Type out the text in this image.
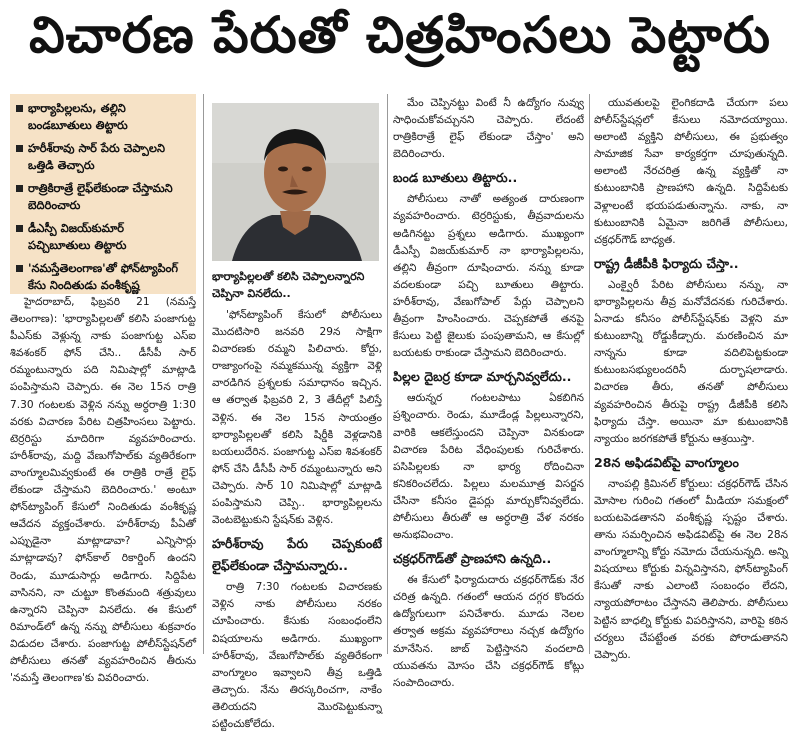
విచారణ పేరుతో చిత్రహింసలు పెట్టారు
భార్యాపిల్లలను, తల్లిని బండబూతులు తిట్టారు
హరీశ్‌రావు సార్ పేరు చెప్పాలని ఒత్తిడి తెచ్చారు
రాత్రికిరాత్రే లైఫ్‌లేకుండా చేస్తామని బెదిరించారు
డీఎస్పీ విజయ్‌కుమార్ పచ్చిబూతులు తిట్టారు
'నమస్తేతెలంగాణ'తో ఫోన్‌ట్యాపింగ్ కేసు నిందితుడు వంశీకృష్ణ
భార్యాపిల్లలతో కలిసి చెప్పాలన్నారని చెప్పినా వినలేదు..

హైదరాబాద్, ఫిబ్రవరి 21 (నమస్తే తెలంగాణ): 'భార్యాపిల్లలతో కలిసి పంజాగుట్ట పీఎస్‌కు వెళ్లున్న నాకు పంజాగుట్ట ఎస్ఐ శివశంకర్ ఫోన్ చేసి.. డీసీపీ సార్ రమ్మంటున్నారు పది నిమిషాల్లో మాట్లాడి పంపిస్తామని చెప్పారు. ఈ నెల 15న రాత్రి 7.30 గంటలకు వెళ్లిన నన్ను అర్ధరాత్రి 1:30 వరకు విచారణ పేరిట చిత్రహింసలు పెట్టారు. టెర్రరిస్టు మాదిరిగా వ్యవహరించారు. హరీశ్‌రావు, మద్ది వేణుగోపాల్‌కు వ్యతిరేకంగా వాంగ్మూలమివ్వకుంటే ఈ రాత్రికి రాత్రే లైఫ్ లేకుండా చేస్తామని బెదిరించారు.' అంటూ ఫోన్‌ట్యాపింగ్ కేసులో నిందితుడు వంశీకృష్ణ ఆవేదన వ్యక్తంచేశారు. హరీశ్‌రావు పీఏతో ఎప్పుడైనా మాట్లాడావా? ఎన్నిసార్లు మాట్లాడావు? ఫోన్‌కాల్ రికార్డింగ్ ఉందని రెండు, మూడుసార్లు అడిగారు. సిద్దిపేట వాసినని, నా చుట్టూ కొంతమంది శత్రువులు ఉన్నారని చెప్పినా వినలేదు. ఈ కేసులో రిమాండ్‌లో ఉన్న నన్ను పోలీసులు శుక్రవారం విడుదల చేశారు. పంజాగుట్ట పోలీస్‌స్టేషన్‌లో పోలీసులు తనతో వ్యవహరించిన తీరును 'నమస్తే తెలంగాణ'కు వివరించారు.

'ఫోన్‌ట్యాపింగ్ కేసులో పోలీసులు మొదటిసారి జనవరి 29న సాక్షిగా విచారణకు రమ్మని పిలిచారు. కోర్టు, రాజ్యాంగంపై నమ్మకమున్న వ్యక్తిగా వెళ్లి వారడిగిన ప్రశ్నలకు సమాధానం ఇచ్చిన. ఆ తర్వాత ఫిబ్రవరి 2, 3 తేదీల్లో పిలిస్తే వెళ్లిన. ఈ నెల 15న సాయంత్రం భార్యాపిల్లలతో కలిసి షిర్డీకి వెళ్లడానికి బయలుదేరిన. పంజాగుట్ట ఎస్ఐ శివశంకర్ ఫోన్ చేసి డీసీపీ సార్ రమ్మంటున్నారు అని చెప్పారు. సార్ 10 నిమిషాల్లో మాట్లాడి పంపిస్తామని చెప్పి.. భార్యాపిల్లలను వెంటబెట్టుకుని స్టేషన్‌కు వెళ్లిన.

హరీశ్‌రావు పేరు చెప్పకుంటే లైఫ్‌లేకుండా చేస్తామన్నారు..

రాత్రి 7:30 గంటలకు విచారణకు వెళ్లిన నాకు పోలీసులు నరకం చూపించారు. కేసుకు సంబంధంలేని విషయాలను అడిగారు. ముఖ్యంగా హరీశ్‌రావు, వేణుగోపాల్‌కు వ్యతిరేకంగా వాంగ్మూలం ఇవ్వాలని తీవ్ర ఒత్తిడి తెచ్చారు. నేను తిరస్కరించగా, నాకేం తెలియదని మొరపెట్టుకున్నా పట్టించుకోలేదు.

మేం చెప్పినట్టు వింటే నీ ఉద్యోగం నువ్వు సాధించుకోవచ్చునని చెప్పారు. లేదంటే రాత్రికిరాత్రే లైఫ్ లేకుండా చేస్తాం' అని బెదిరించారు.

బండ బూతులు తిట్టారు..

పోలీసులు నాతో అత్యంత దారుణంగా వ్యవహరించారు. టెర్రరిస్టుకు, తీవ్రవాదులను అడిగినట్టు ప్రశ్నలు అడిగారు. ముఖ్యంగా డీఎస్పీ విజయ్‌కుమార్ నా భార్యాపిల్లలను, తల్లిని తీవ్రంగా దూషించారు. నన్ను కూడా వదలకుండా పచ్చి బూతులు తిట్టారు. హరీశ్‌రావు, వేణుగోపాల్ పేర్లు చెప్పాలని తీవ్రంగా హింసించారు. చెప్పకపోతే తనపై కేసులు పెట్టి జైలుకు పంపుతామని, ఆ కేసుల్లో బయటకు రాకుండా చేస్తామని బెదిరించారు.

పిల్లల దైబర్ర కూడా మార్చనివ్వలేదు..

ఆరున్నర గంటలపాటు ఏకబిగిన ప్రశ్నించారు. రెండు, మూడేండ్ల పిల్లలున్నారని, వారికి ఆకలేస్తుందని చెప్పినా వినకుండా విచారణ పేరిట వేధింపులకు గురిచేశారు. పసిపిల్లలకు నా భార్య రోదించినా కనికరించలేదు. పిల్లలు మలమూత్ర విసర్జన చేసినా కనీసం డైపర్లు మార్చుకోనివ్వలేదు. పోలీసులు తీరుతో ఆ అర్ధరాత్రి వేళ నరకం అనుభవించాం.

చక్రధర్‌గౌడ్‌తో ప్రాణహాని ఉన్నది..

ఈ కేసులో ఫిర్యాదుదారు చక్రధర్‌గౌడ్‌కు నేర చరిత్ర ఉన్నది. గతంలో ఆయన దగ్గర కొందరు ఉద్యోగులుగా పనిచేశారు. మూడు నెలల తర్వాత అక్రమ వ్యవహారాలు నచ్చక ఉద్యోగం మానేసిన. జాబ్ పెట్టిస్తానని వందలాది యువతను మోసం చేసి చక్రధర్‌గౌడ్ కోట్లు సంపాదించారు.

యువతులపై లైంగికదాడి చేయగా పలు పోలీస్‌స్టేషన్లలో కేసులు నమోదయ్యాయి. అలాంటి వ్యక్తిని పోలీసులు, ఈ ప్రభుత్వం సామాజిక సేవా కార్యకర్తగా చూపుతున్నది. అలాంటి నేరచరిత్ర ఉన్న వ్యక్తితో నా కుటుంబానికి ప్రాణహాని ఉన్నది. సిద్దిపేటకు వెళ్లాలంటే భయపడుతున్నాను. నాకు, నా కుటుంబానికి ఏమైనా జరిగితే పోలీసులు, చక్రధర్‌గౌడ్ బాధ్యత.

రాష్ట్ర డీజీపీకి ఫిర్యాదు చేస్తా..

ఎంక్వైరీ పేరిట పోలీసులు నన్ను, నా భార్యాపిల్లలను తీవ్ర మనోవేదనకు గురిచేశారు. ఏనాడు కనీసం పోలీస్‌స్టేషన్‌కు వెళ్లని మా కుటుంబాన్ని రోడ్డుకీడ్చారు. మరణించిన మా నాన్నను కూడా వదిలిపెట్టకుండా కుటుంబసభ్యులందరినీ దుర్భాషలాడారు. విచారణ తీరు, తనతో పోలీసులు వ్యవహరించిన తీరుపై రాష్ట్ర డీజీపీకి కలిసి ఫిర్యాదు చేస్తా. అయినా మా కుటుంబానికి న్యాయం జరగకపోతే కోర్టును ఆశ్రయిస్తా.

28న అఫిడవిట్‌పై వాంగ్మూలం

నాంపల్లి క్రిమినల్ కోర్టులు: చక్రధర్‌గౌడ్ చేసిన మోసాల గురించి గతంలో మీడియా సమక్షంలో బయటపెడతానని వంశీకృష్ణ స్పష్టం చేశారు. తాను సమర్పించిన అఫిడవిట్‌పై ఈ నెల 28న వాంగ్మూలాన్ని కోర్టు నమోదు చేయనున్నది. అన్ని విషయాలు కోర్టుకు విన్నవిస్తానని, ఫోన్‌ట్యాపింగ్ కేసుతో నాకు ఎలాంటి సంబంధం లేదని, న్యాయపోరాటం చేస్తానని తెలిపారు. పోలీసులు పెట్టిన బాధల్ని కోర్టుకు విపరిస్తానని, వారిపై కఠిన చర్యలు చేపట్టేంత వరకు పోరాడుతానని చెప్పారు.
